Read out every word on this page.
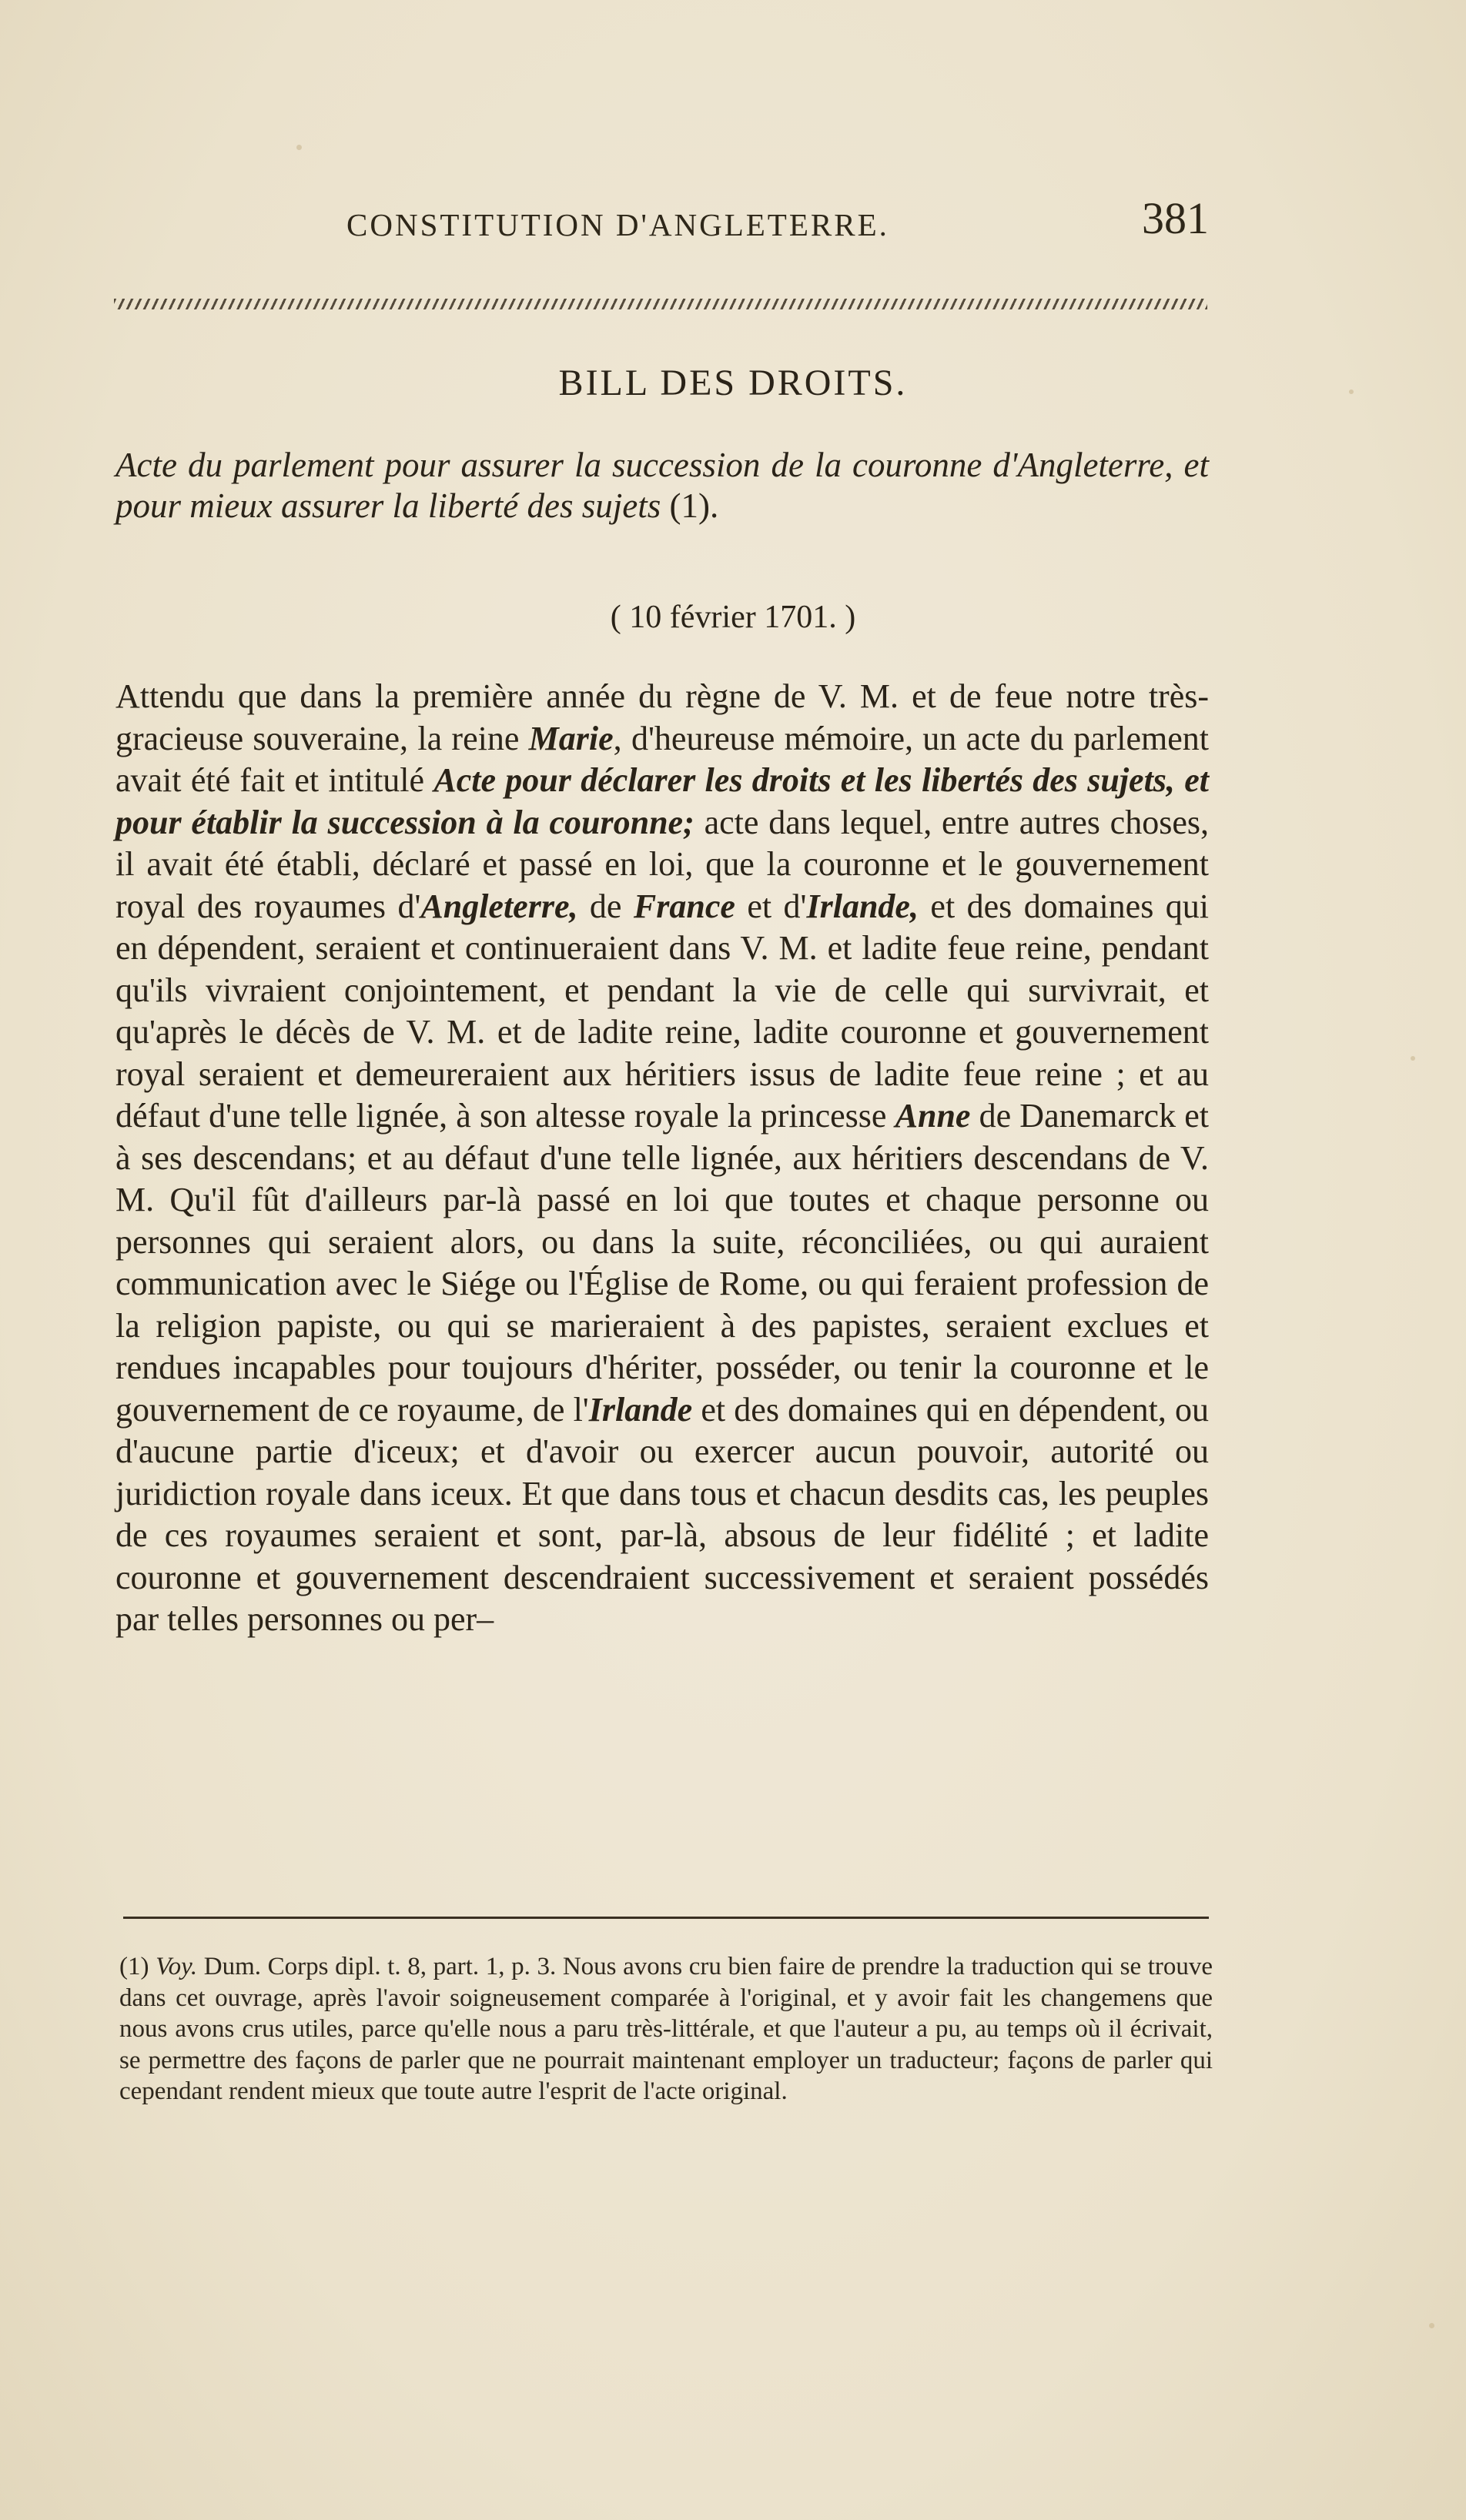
CONSTITUTION D'ANGLETERRE.	381
BILL DES DROITS.
Acte du parlement pour assurer la succession de la couronne d'Angleterre, et pour mieux assurer la liberté des sujets (1).
( 10 février 1701. )
Attendu que dans la première année du règne de V. M. et de feue notre très-gracieuse souveraine, la reine Marie, d'heureuse mémoire, un acte du parlement avait été fait et intitulé Acte pour déclarer les droits et les libertés des sujets, et pour établir la succession à la couronne; acte dans lequel, entre autres choses, il avait été établi, déclaré et passé en loi, que la couronne et le gouvernement royal des royaumes d'Angleterre, de France et d'Irlande, et des domaines qui en dépendent, seraient et continueraient dans V. M. et ladite feue reine, pendant qu'ils vivraient conjointement, et pendant la vie de celle qui survivrait, et qu'après le décès de V. M. et de ladite reine, ladite couronne et gouvernement royal seraient et demeureraient aux héritiers issus de ladite feue reine ; et au défaut d'une telle lignée, à son altesse royale la princesse Anne de Danemarck et à ses descendans; et au défaut d'une telle lignée, aux héritiers descendans de V. M. Qu'il fût d'ailleurs par-là passé en loi que toutes et chaque personne ou personnes qui seraient alors, ou dans la suite, réconciliées, ou qui auraient communication avec le Siége ou l'Église de Rome, ou qui feraient profession de la religion papiste, ou qui se marieraient à des papistes, seraient exclues et rendues incapables pour toujours d'hériter, posséder, ou tenir la couronne et le gouvernement de ce royaume, de l'Irlande et des domaines qui en dépendent, ou d'aucune partie d'iceux; et d'avoir ou exercer aucun pouvoir, autorité ou juridiction royale dans iceux. Et que dans tous et chacun desdits cas, les peuples de ces royaumes seraient et sont, par-là, absous de leur fidélité ; et ladite couronne et gouvernement descendraient successivement et seraient possédés par telles personnes ou per–
(1) Voy. Dum. Corps dipl. t. 8, part. 1, p. 3. Nous avons cru bien faire de prendre la traduction qui se trouve dans cet ouvrage, après l'avoir soigneusement comparée à l'original, et y avoir fait les changemens que nous avons crus utiles, parce qu'elle nous a paru très-littérale, et que l'auteur a pu, au temps où il écrivait, se permettre des façons de parler que ne pourrait maintenant employer un traducteur; façons de parler qui cependant rendent mieux que toute autre l'esprit de l'acte original.
